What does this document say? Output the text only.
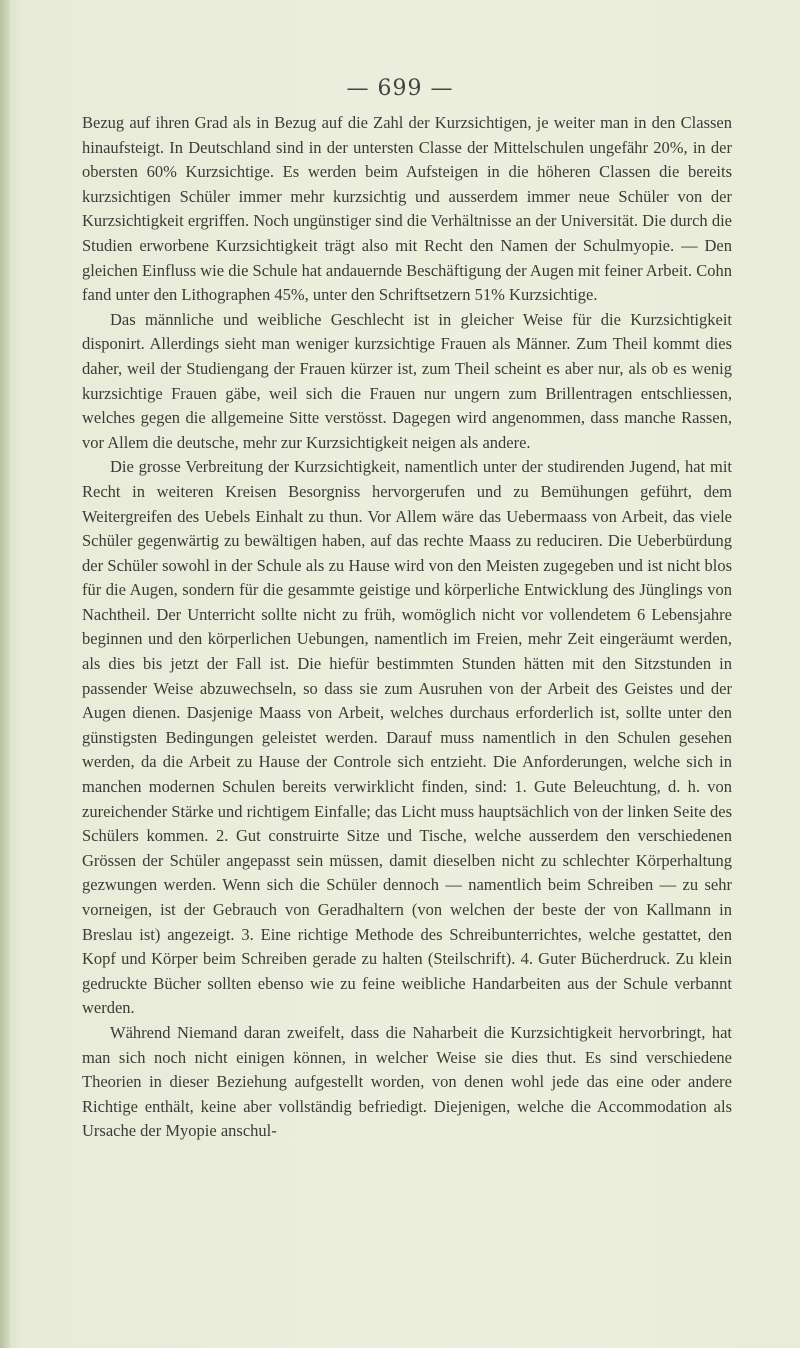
— 699 —

Bezug auf ihren Grad als in Bezug auf die Zahl der Kurzsichtigen, je weiter man in den Classen hinaufsteigt. In Deutschland sind in der untersten Classe der Mittelschulen ungefähr 20%, in der obersten 60% Kurzsichtige. Es werden beim Aufsteigen in die höheren Classen die bereits kurzsichtigen Schüler immer mehr kurzsichtig und ausserdem immer neue Schüler von der Kurzsichtigkeit ergriffen. Noch ungünstiger sind die Verhältnisse an der Universität. Die durch die Studien erworbene Kurzsichtigkeit trägt also mit Recht den Namen der Schulmyopie. — Den gleichen Einfluss wie die Schule hat andauernde Beschäftigung der Augen mit feiner Arbeit. Cohn fand unter den Lithographen 45%, unter den Schriftsetzern 51% Kurzsichtige.

Das männliche und weibliche Geschlecht ist in gleicher Weise für die Kurzsichtigkeit disponirt. Allerdings sieht man weniger kurzsichtige Frauen als Männer. Zum Theil kommt dies daher, weil der Studiengang der Frauen kürzer ist, zum Theil scheint es aber nur, als ob es wenig kurzsichtige Frauen gäbe, weil sich die Frauen nur ungern zum Brillentragen entschliessen, welches gegen die allgemeine Sitte verstösst. Dagegen wird angenommen, dass manche Rassen, vor Allem die deutsche, mehr zur Kurzsichtigkeit neigen als andere.

Die grosse Verbreitung der Kurzsichtigkeit, namentlich unter der studirenden Jugend, hat mit Recht in weiteren Kreisen Besorgniss hervorgerufen und zu Bemühungen geführt, dem Weitergreifen des Uebels Einhalt zu thun. Vor Allem wäre das Uebermaass von Arbeit, das viele Schüler gegenwärtig zu bewältigen haben, auf das rechte Maass zu reduciren. Die Ueberbürdung der Schüler sowohl in der Schule als zu Hause wird von den Meisten zugegeben und ist nicht blos für die Augen, sondern für die gesammte geistige und körperliche Entwicklung des Jünglings von Nachtheil. Der Unterricht sollte nicht zu früh, womöglich nicht vor vollendetem 6 Lebensjahre beginnen und den körperlichen Uebungen, namentlich im Freien, mehr Zeit eingeräumt werden, als dies bis jetzt der Fall ist. Die hiefür bestimmten Stunden hätten mit den Sitzstunden in passender Weise abzuwechseln, so dass sie zum Ausruhen von der Arbeit des Geistes und der Augen dienen. Dasjenige Maass von Arbeit, welches durchaus erforderlich ist, sollte unter den günstigsten Bedingungen geleistet werden. Darauf muss namentlich in den Schulen gesehen werden, da die Arbeit zu Hause der Controle sich entzieht. Die Anforderungen, welche sich in manchen modernen Schulen bereits verwirklicht finden, sind: 1. Gute Beleuchtung, d. h. von zureichender Stärke und richtigem Einfalle; das Licht muss hauptsächlich von der linken Seite des Schülers kommen. 2. Gut construirte Sitze und Tische, welche ausserdem den verschiedenen Grössen der Schüler angepasst sein müssen, damit dieselben nicht zu schlechter Körperhaltung gezwungen werden. Wenn sich die Schüler dennoch — namentlich beim Schreiben — zu sehr vorneigen, ist der Gebrauch von Geradhaltern (von welchen der beste der von Kallmann in Breslau ist) angezeigt. 3. Eine richtige Methode des Schreibunterrichtes, welche gestattet, den Kopf und Körper beim Schreiben gerade zu halten (Steilschrift). 4. Guter Bücherdruck. Zu klein gedruckte Bücher sollten ebenso wie zu feine weibliche Handarbeiten aus der Schule verbannt werden.

Während Niemand daran zweifelt, dass die Naharbeit die Kurzsichtigkeit hervorbringt, hat man sich noch nicht einigen können, in welcher Weise sie dies thut. Es sind verschiedene Theorien in dieser Beziehung aufgestellt worden, von denen wohl jede das eine oder andere Richtige enthält, keine aber vollständig befriedigt. Diejenigen, welche die Accommodation als Ursache der Myopie anschul-
